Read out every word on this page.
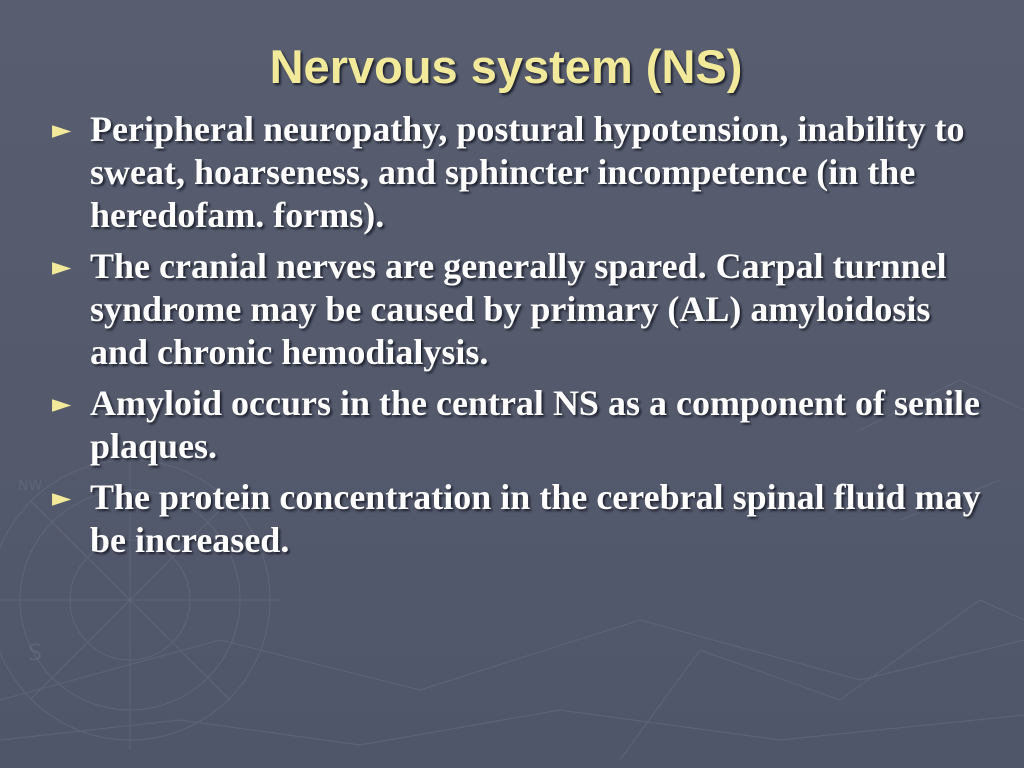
S
NW
Nervous system (NS)
► Peripheral neuropathy, postural hypotension, inability to sweat, hoarseness, and sphincter incompetence (in the heredofam. forms).
► The cranial nerves are generally spared. Carpal turnnel syndrome may be caused by primary (AL) amyloidosis and chronic hemodialysis.
► Amyloid occurs in the central NS as a component of senile plaques.
► The protein concentration in the cerebral spinal fluid may be increased.
